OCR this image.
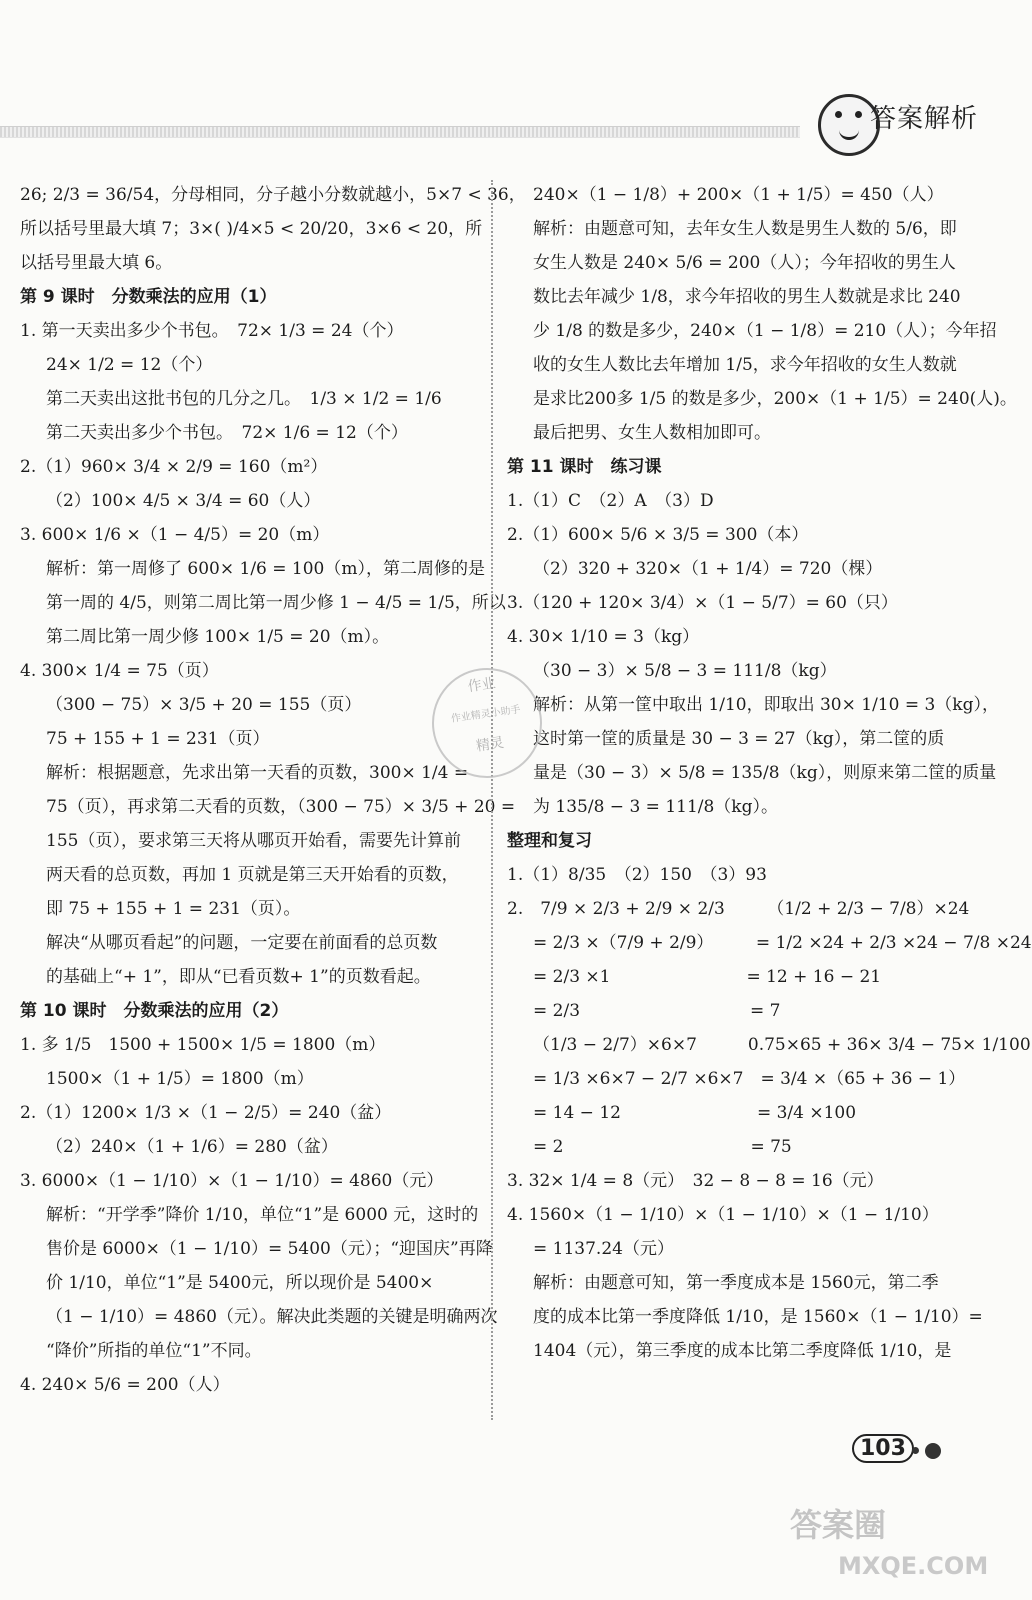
答案解析
26; 2/3 = 36/54，分母相同，分子越小分数就越小，5×7 < 36，
所以括号里最大填 7；3×( )/4×5 < 20/20，3×6 < 20，所
以括号里最大填 6。
第 9 课时　分数乘法的应用（1）
1. 第一天卖出多少个书包。　72× 1/3 = 24（个）
24× 1/2 = 12（个）
第二天卖出这批书包的几分之几。　1/3 × 1/2 = 1/6
第二天卖出多少个书包。　72× 1/6 = 12（个）
2.（1）960× 3/4 × 2/9 = 160（m²）
（2）100× 4/5 × 3/4 = 60（人）
3. 600× 1/6 ×（1 − 4/5）= 20（m）
解析：第一周修了 600× 1/6 = 100（m），第二周修的是
第一周的 4/5，则第二周比第一周少修 1 − 4/5 = 1/5，所以
第二周比第一周少修 100× 1/5 = 20（m）。
4. 300× 1/4 = 75（页）
（300 − 75）× 3/5 + 20 = 155（页）
75 + 155 + 1 = 231（页）
解析：根据题意，先求出第一天看的页数，300× 1/4 =
75（页），再求第二天看的页数，（300 − 75）× 3/5 + 20 =
155（页），要求第三天将从哪页开始看，需要先计算前
两天看的总页数，再加 1 页就是第三天开始看的页数，
即 75 + 155 + 1 = 231（页）。
解决“从哪页看起”的问题，一定要在前面看的总页数
的基础上“+ 1”，即从“已看页数+ 1”的页数看起。
第 10 课时　分数乘法的应用（2）
1. 多 1/5　1500 + 1500× 1/5 = 1800（m）
1500×（1 + 1/5）= 1800（m）
2.（1）1200× 1/3 ×（1 − 2/5）= 240（盆）
（2）240×（1 + 1/6）= 280（盆）
3. 6000×（1 − 1/10）×（1 − 1/10）= 4860（元）
解析：“开学季”降价 1/10，单位“1”是 6000 元，这时的
售价是 6000×（1 − 1/10）= 5400（元）；“迎国庆”再降
价 1/10，单位“1”是 5400元，所以现价是 5400×
（1 − 1/10）= 4860（元）。解决此类题的关键是明确两次
“降价”所指的单位“1”不同。
4. 240× 5/6 = 200（人）
240×（1 − 1/8）+ 200×（1 + 1/5）= 450（人）
解析：由题意可知，去年女生人数是男生人数的 5/6，即
女生人数是 240× 5/6 = 200（人）；今年招收的男生人
数比去年减少 1/8，求今年招收的男生人数就是求比 240
少 1/8 的数是多少，240×（1 − 1/8）= 210（人）；今年招
收的女生人数比去年增加 1/5，求今年招收的女生人数就
是求比200多 1/5 的数是多少，200×（1 + 1/5）= 240(人)。
最后把男、女生人数相加即可。
第 11 课时　练习课
1.（1）C　（2）A　（3）D
2.（1）600× 5/6 × 3/5 = 300（本）
（2）320 + 320×（1 + 1/4）= 720（棵）
3.（120 + 120× 3/4）×（1 − 5/7）= 60（只）
4. 30× 1/10 = 3（kg）
（30 − 3）× 5/8 − 3 = 111/8（kg）
解析：从第一筐中取出 1/10，即取出 30× 1/10 = 3（kg），
这时第一筐的质量是 30 − 3 = 27（kg），第二筐的质
量是（30 − 3）× 5/8 = 135/8（kg），则原来第二筐的质量
为 135/8 − 3 = 111/8（kg）。
整理和复习
1.（1）8/35　（2）150　（3）93
2.　7/9 × 2/3 + 2/9 × 2/3　　　（1/2 + 2/3 − 7/8）×24
= 2/3 ×（7/9 + 2/9）　　　= 1/2 ×24 + 2/3 ×24 − 7/8 ×24
= 2/3 ×1　　　　　　　　= 12 + 16 − 21
= 2/3　　　　　　　　　　= 7
（1/3 − 2/7）×6×7　　　0.75×65 + 36× 3/4 − 75× 1/100
= 1/3 ×6×7 − 2/7 ×6×7　= 3/4 ×（65 + 36 − 1）
= 14 − 12　　　　　　　　= 3/4 ×100
= 2　　　　　　　　　　　= 75
3. 32× 1/4 = 8（元）　32 − 8 − 8 = 16（元）
4. 1560×（1 − 1/10）×（1 − 1/10）×（1 − 1/10）
= 1137.24（元）
解析：由题意可知，第一季度成本是 1560元，第二季
度的成本比第一季度降低 1/10，是 1560×（1 − 1/10）=
1404（元），第三季度的成本比第二季度降低 1/10，是
作业
作业精灵小助手
精灵
103
答案圈
MXQE.COM
